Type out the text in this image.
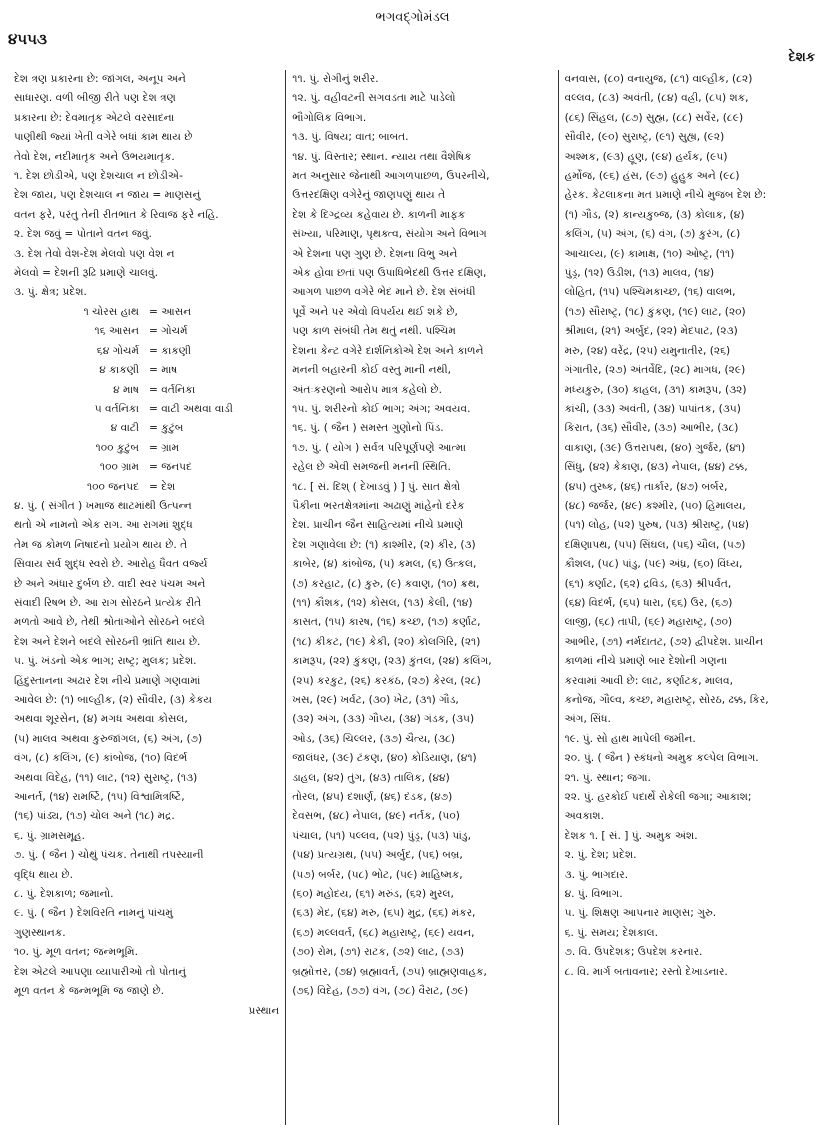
૪૫૫૩
ભગવદ્ગોમંડલ
દેશક
દેશ ત્રણ પ્રકારના છે: જાંગલ, અનૂપ અને
સાધારણ. વળી બીજી રીતે પણ દેશ ત્રણ
પ્રકારના છે: દેવમાતૃક એટલે વરસાદના
પાણીથી જ્યાં ખેતી વગેરે બધાં કામ થાય છે
તેવો દેશ, નદીમાતૃક અને ઉભયમાતૃક.
૧. દેશ છોડીએ, પણ દેશચાલ ન છોડીએ-
દેશ જાય, પણ દેશચાલ ન જાય = માણસનું
વતન ફરે, પરંતુ તેની રીતભાત કે રિવાજ ફરે નહિ.
૨. દેશ જવું = પોતાને વતન જવું.
૩. દેશ તેવો વેશ-દેશ મેલવો પણ વેશ ન
મેલવો = દેશની રૂઢિ પ્રમાણે ચાલવું.
૩. પું. ક્ષેત્ર; પ્રદેશ.
૧ ચોરસ હાથ = આસન
૧૬ આસન = ગોચર્મ
૬૪ ગોચર્મ = કાકણી
૪ કાકણી = માષ
૪ માષ = વર્તનિકા
૫ વર્તનિકા = વાટી અથવા વાડી
૪ વાટી = કુટુંબ
૧૦૦ કુટુંબ = ગ્રામ
૧૦૦ ગ્રામ = જનપદ
૧૦૦ જનપદ = દેશ
૪. પું. ( સંગીત ) ખમાજ થાટમાંથી ઉત્પન્ન
થતો એ નામનો એક રાગ. આ રાગમાં શુદ્ધ
તેમ જ કોમળ નિષાદનો પ્રયોગ થાય છે. તે
સિવાય સર્વ શુદ્ધ સ્વરો છે. આરોહ ધૈવત વર્જ્ય
છે અને અંધાર દુર્બળ છે. વાદી સ્વર પંચમ અને
સંવાદી રિષભ છે. આ રાગ સોરઠને પ્રત્યેક રીતે
મળતો આવે છે, તેથી શ્રોતાઓને સોરઠને બદલે
દેશ અને દેશને બદલે સોરઠની ભ્રાંતિ થાય છે.
૫. પું. ખંડનો એક ભાગ; રાષ્ટ્ર; મુલક; પ્રદેશ.
હિંદુસ્તાનના અઢાર દેશ નીચે પ્રમાણે ગણવામાં
આવેલ છે: (૧) બાલ્હીક, (૨) સૌવીર, (૩) કેકય
અથવા શૂરસેન, (૪) મગધ અથવા કોસલ,
(૫) માલવ અથવા કુરુજાંગલ, (૬) અંગ, (૭)
વંગ, (૮) કલિંગ, (૯) કાંબોજ, (૧૦) વિદર્ભ
અથવા વિદેહ, (૧૧) લાટ, (૧૨) સુરાષ્ટ્ર, (૧૩)
આનર્ત, (૧૪) રામર્ષ્ટિ, (૧૫) વિશ્વામિત્રર્ષ્ટિ,
(૧૬) પાંડ્ય, (૧૭) ચોલ અને (૧૮) મદ્ર.
૬. પું. ગ્રામસમૂહ.
૭. પું. ( જૈન ) ચોથું પંચક. તેનાથી તપસ્યાની
વૃદ્ધિ થાય છે.
૮. પું. દેશકાળ; જમાનો.
૯. પું. ( જૈન ) દેશવિરતિ નામનું પાંચમું
ગુણસ્થાનક.
૧૦. પું. મૂળ વતન; જન્મભૂમિ.
દેશ એટલે આપણા વ્યાપારીઓ તો પોતાનું
મૂળ વતન કે જન્મભૂમિ જ જાણે છે.
પ્રસ્થાન
૧૧. પું. રોગીનું શરીર.
૧૨. પું. વહીવટની સગવડતા માટે પાડેલો
ભૌગોલિક વિભાગ.
૧૩. પું. વિષય; વાત; બાબત.
૧૪. પું. વિસ્તાર; સ્થાન. ન્યાય તથા વૈશેષિક
મત અનુસાર જેનાથી આગળપાછળ, ઉપરનીચે,
ઉત્તરદક્ષિણ વગેરેનું જાણપણું થાય તે
દેશ કે દિગ્દ્રવ્ય કહેવાય છે. કાળની માફક
સંખ્યા, પરિમાણ, પૃથક્ત્વ, સંયોગ અને વિભાગ
એ દેશના પણ ગુણ છે. દેશના વિભુ અને
એક હોવા છતાં પણ ઉપાધિભેદથી ઉત્તર દક્ષિણ,
આગળ પાછળ વગેરે ભેદ માને છે. દેશ સંબંધી
પૂર્વે અને પર એવો વિપર્યય થઈ શકે છે,
પણ કાળ સંબંધી તેમ થતું નથી. પશ્ચિમ
દેશના કેન્ટ વગેરે દાર્શનિકોએ દેશ અને કાળને
મનની બહારની કોઈ વસ્તુ માની નથી,
અંતઃકરણનો આરોપ માત્ર કહેલો છે.
૧૫. પું. શરીરનો કોઈ ભાગ; અંગ; અવયવ.
૧૬. પું. ( જૈન ) સમસ્ત ગુણોનો પિંડ.
૧૭. પું. ( યોગ ) સર્વત્ર પરિપૂર્ણપણે આત્મા
રહેલ છે એવી સમજની મનની સ્થિતિ.
૧૮. [ સં. દિશ્ ( દેખાડવું ) ] પું. સાત ક્ષેત્રો
પૈકીના ભરતક્ષેત્રમાંના અઢાણું માંહેનો દરેક
દેશ. પ્રાચીન જૈન સાહિત્યમાં નીચે પ્રમાણે
દેશ ગણાવેલા છે: (૧) કાશ્મીર, (૨) કીર, (૩)
કાબેર, (૪) કાંબોજ, (૫) કમલ, (૬) ઉત્કલ,
(૭) કરહાટ, (૮) કુરુ, (૯) કવાણ, (૧૦) ક્રથ,
(૧૧) કૌશક, (૧૨) કોસલ, (૧૩) કેલી, (૧૪)
કાસત, (૧૫) કારષ, (૧૬) કચ્છ, (૧૭) કર્ણાટ,
(૧૮) કીકટ, (૧૯) કેકી, (૨૦) કોલગિરિ, (૨૧)
કામરૂપ, (૨૨) કુંકણ, (૨૩) કુંતલ, (૨૪) કલિંગ,
(૨૫) કરકુટ, (૨૬) કરકંઠ, (૨૭) કેરલ, (૨૮)
ખસ, (૨૯) ખર્વટ, (૩૦) ખેટ, (૩૧) ગૌડ,
(૩૨) અંગ, (૩૩) ગૌપ્ય, (૩૪) ગંડક, (૩૫)
ઓડ, (૩૬) ચિલ્લર, (૩૭) ચૈત્ય, (૩૮)
જાલંધર, (૩૯) ટંકણ, (૪૦) કોડિયાણ, (૪૧)
ડાહલ, (૪૨) તુંગ, (૪૩) તાલિક, (૪૪)
તોરલ, (૪૫) દશાર્ણ, (૪૬) દંડક, (૪૭)
દેવસભ, (૪૮) નેપાલ, (૪૯) નર્તક, (૫૦)
પંચાલ, (૫૧) પલ્લવ, (૫૨) પુંડ્ર, (૫૩) પાંડુ,
(૫૪) પ્રત્યગ્રથ, (૫૫) અર્બુદ, (૫૬) બબ્ર,
(૫૭) બર્બર, (૫૮) ભોટ, (૫૯) માહિષ્મક,
(૬૦) મહોદય, (૬૧) મરુંડ, (૬૨) મુરલ,
(૬૩) મેદ, (૬૪) મરુ, (૬૫) મુદ્ર, (૬૬) મંકર,
(૬૭) મલ્લવર્ત, (૬૮) મહારાષ્ટ્ર, (૬૯) યવન,
(૭૦) રોમ, (૭૧) રાટક, (૭૨) લાટ, (૭૩)
બ્રહ્મોત્તર, (૭૪) બ્રહ્માવર્ત, (૭૫) બ્રાહ્મણવાહક,
(૭૬) વિદેહ, (૭૭) વંગ, (૭૮) વૈરાટ, (૭૯)
વનવાસ, (૮૦) વનાયુજ, (૮૧) વાલ્હીક, (૮૨)
વલ્લવ, (૮૩) અવંતી, (૮૪) વહ્રી, (૮૫) શક,
(૮૬) સિંહલ, (૮૭) સુહ્મ, (૮૮) સર્વેર, (૮૯)
સૌવીર, (૯૦) સુરાષ્ટ્ર, (૯૧) સુહ્ય, (૯૨)
અશ્મક, (૯૩) હૂણ, (૯૪) હર્યક, (૯૫)
હર્મોજ, (૯૬) હંસ, (૯૭) હુહુક અને (૯૮)
હેરક. કેટલાકના મત પ્રમાણે નીચે મુજબ દેશ છે:
(૧) ગૌડ, (૨) કાન્યકુબ્જ, (૩) કોલાક, (૪)
કલિંગ, (૫) અંગ, (૬) વંગ, (૭) કુરંગ, (૮)
આચાલ્ય, (૯) કામાક્ષ, (૧૦) ઓષ્ટ્ર, (૧૧)
પુંડ્ર, (૧૨) ઉડીશ, (૧૩) માલવ, (૧૪)
લોહિત, (૧૫) પશ્ચિમકાચ્છ, (૧૬) વાલભ,
(૧૭) સૌરાષ્ટ્ર, (૧૮) કુંકણ, (૧૯) લાટ, (૨૦)
શ્રીમાલ, (૨૧) અર્બુદ, (૨૨) મેદપાટ, (૨૩)
મરુ, (૨૪) વરેંદ્ર, (૨૫) યમુનાતીર, (૨૬)
ગંગાતીર, (૨૭) અંતર્વેદિ, (૨૮) માગધ, (૨૯)
મધ્યકુરુ, (૩૦) કાહલ, (૩૧) કામરૂપ, (૩૨)
કાંચી, (૩૩) અવંતી, (૩૪) પાપાંતક, (૩૫)
કિરાત, (૩૬) સૌવીર, (૩૭) આભીર, (૩૮)
વાકાણ, (૩૯) ઉત્તરાપથ, (૪૦) ગુર્જર, (૪૧)
સિંધુ, (૪૨) કેકાણ, (૪૩) નેપાલ, (૪૪) ટક્ક,
(૪૫) તુરષ્ક, (૪૬) તાર્કાર, (૪૭) બર્બર,
(૪૮) જર્જર, (૪૯) કશ્મીર, (૫૦) હિમાલય,
(૫૧) લોહ, (૫૨) પુરુષ, (૫૩) શ્રીરાષ્ટ્ર, (૫૪)
દક્ષિણાપથ, (૫૫) સિંઘલ, (૫૬) ચૌલ, (૫૭)
કૌશલ, (૫૮) પાંડુ, (૫૯) અંધ્ર, (૬૦) વિંધ્ય,
(૬૧) કર્ણાટ, (૬૨) દ્રવિડ, (૬૩) શ્રીપર્વત,
(૬૪) વિદર્ભ, (૬૫) ધારા, (૬૬) ઉર, (૬૭)
લાજી, (૬૮) તાપી, (૬૯) મહારાષ્ટ્ર, (૭૦)
આભીર, (૭૧) નર્મદાતટ, (૭૨) દ્વીપદેશ. પ્રાચીન
કાળમાં નીચે પ્રમાણે બાર દેશોની ગણના
કરવામાં આવી છે: લાટ, કર્ણાટક, માલવ,
કનોજ, ગૌલ્વ, કચ્છ, મહારાષ્ટ્ર, સોરઠ, ઢક્ક, કિર,
અંગ, સિંધ.
૧૯. પું. સો હાથ માપેલી જમીન.
૨૦. પું. ( જૈન ) સ્કંધનો અમુક કલ્પેલ વિભાગ.
૨૧. પું. સ્થાન; જગા.
૨૨. પું. હરકોઈ પદાર્થે રોકેલી જગા; આકાશ;
અવકાશ.
દેશક ૧. [ સં. ] પું. અમુક અંશ.
૨. પું. દેશ; પ્રદેશ.
૩. પું. ભાગદાર.
૪. પું. વિભાગ.
૫. પું. શિક્ષણ આપનાર માણસ; ગુરુ.
૬. પું. સમય; દેશકાલ.
૭. વિ. ઉપદેશક; ઉપદેશ કરનાર.
૮. વિ. માર્ગ બતાવનાર; રસ્તો દેખાડનાર.
